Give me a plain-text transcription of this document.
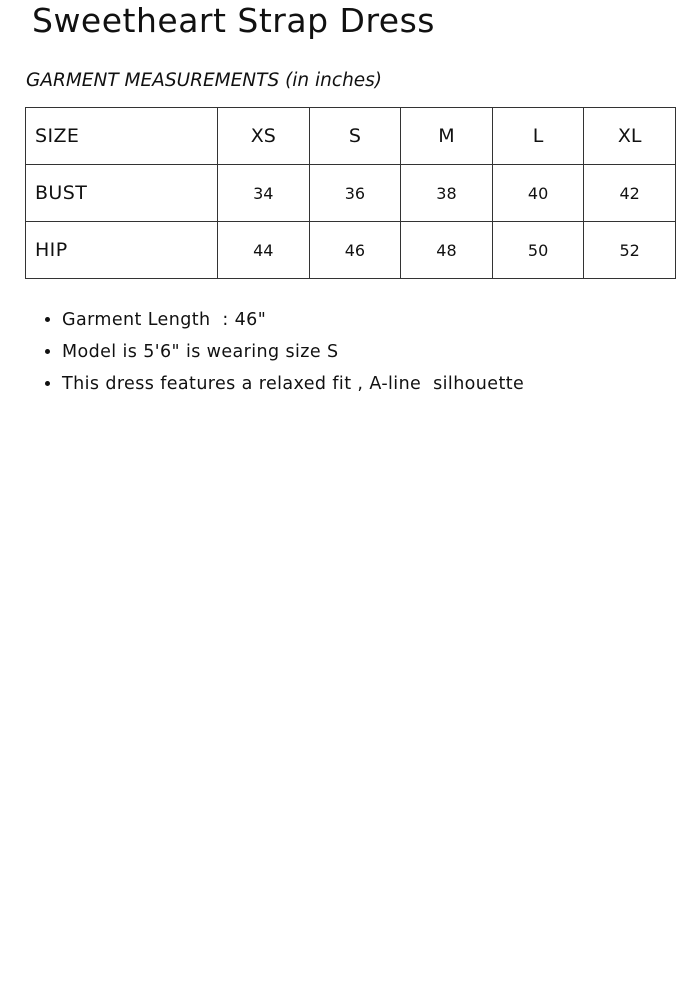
Sweetheart Strap Dress
GARMENT MEASUREMENTS (in inches)
SIZE	XS	S	M	L	XL
BUST	34	36	38	40	42
HIP	44	46	48	50	52
• Garment Length  : 46"
• Model is 5'6" is wearing size S
• This dress features a relaxed fit , A-line  silhouette
